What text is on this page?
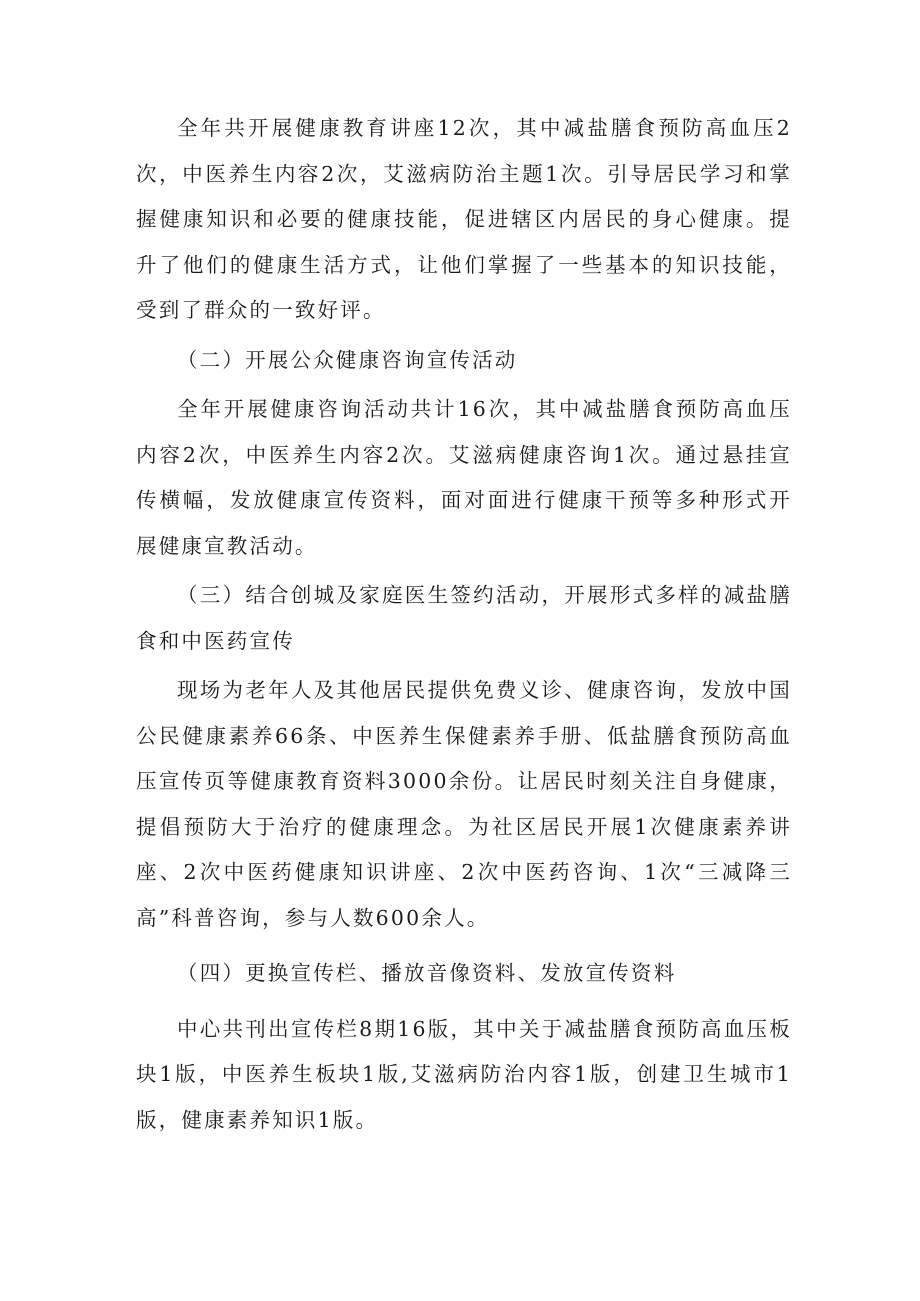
全年共开展健康教育讲座12次，其中减盐膳食预防高血压2次，中医养生内容2次，艾滋病防治主题1次。引导居民学习和掌握健康知识和必要的健康技能，促进辖区内居民的身心健康。提升了他们的健康生活方式，让他们掌握了一些基本的知识技能，受到了群众的一致好评。

（二）开展公众健康咨询宣传活动

全年开展健康咨询活动共计16次，其中减盐膳食预防高血压内容2次，中医养生内容2次。艾滋病健康咨询1次。通过悬挂宣传横幅，发放健康宣传资料，面对面进行健康干预等多种形式开展健康宣教活动。

（三）结合创城及家庭医生签约活动，开展形式多样的减盐膳食和中医药宣传

现场为老年人及其他居民提供免费义诊、健康咨询，发放中国公民健康素养66条、中医养生保健素养手册、低盐膳食预防高血压宣传页等健康教育资料3000余份。让居民时刻关注自身健康，提倡预防大于治疗的健康理念。为社区居民开展1次健康素养讲座、2次中医药健康知识讲座、2次中医药咨询、1次“三减降三高”科普咨询，参与人数600余人。

（四）更换宣传栏、播放音像资料、发放宣传资料

中心共刊出宣传栏8期16版，其中关于减盐膳食预防高血压板块1版，中医养生板块1版,艾滋病防治内容1版，创建卫生城市1版，健康素养知识1版。
